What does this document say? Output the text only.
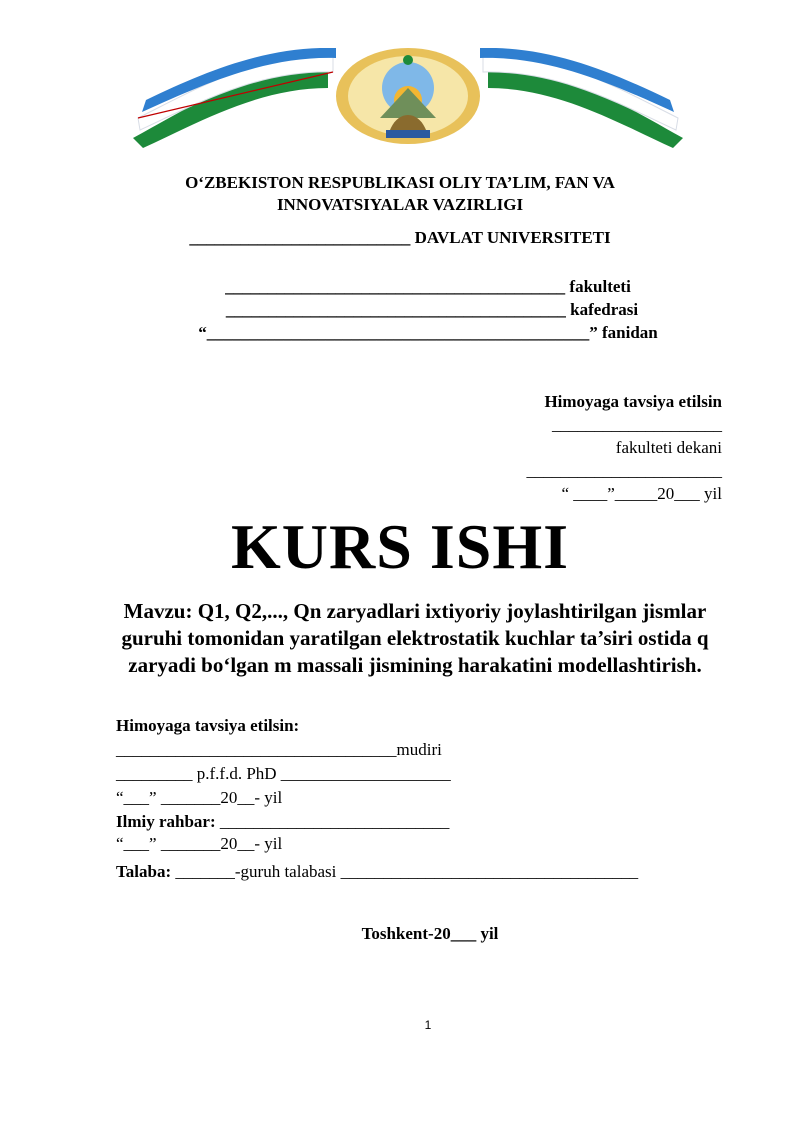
O‘ZBEKISTON RESPUBLIKASI OLIY TA’LIM, FAN VA
INNOVATSIYALAR VAZIRLIGI
__________________________ DAVLAT UNIVERSITETI
________________________________________ fakulteti
________________________________________ kafedrasi
“_____________________________________________” fanidan
Himoyaga tavsiya etilsin
____________________
fakulteti dekani
_______________________
“ ____”_____20___ yil
KURS ISHI
Mavzu: Q1, Q2,..., Qn zaryadlari ixtiyoriy joylashtirilgan jismlar guruhi tomonidan yaratilgan elektrostatik kuchlar ta’siri ostida q zaryadi bo‘lgan m massali jismining harakatini modellashtirish.
Himoyaga tavsiya etilsin:
_________________________________mudiri
_________ p.f.f.d. PhD ____________________
“___” _______20__- yil
Ilmiy rahbar: ___________________________
“___” _______20__- yil
Talaba: _______-guruh talabasi ___________________________________
Toshkent-20___ yil
1
